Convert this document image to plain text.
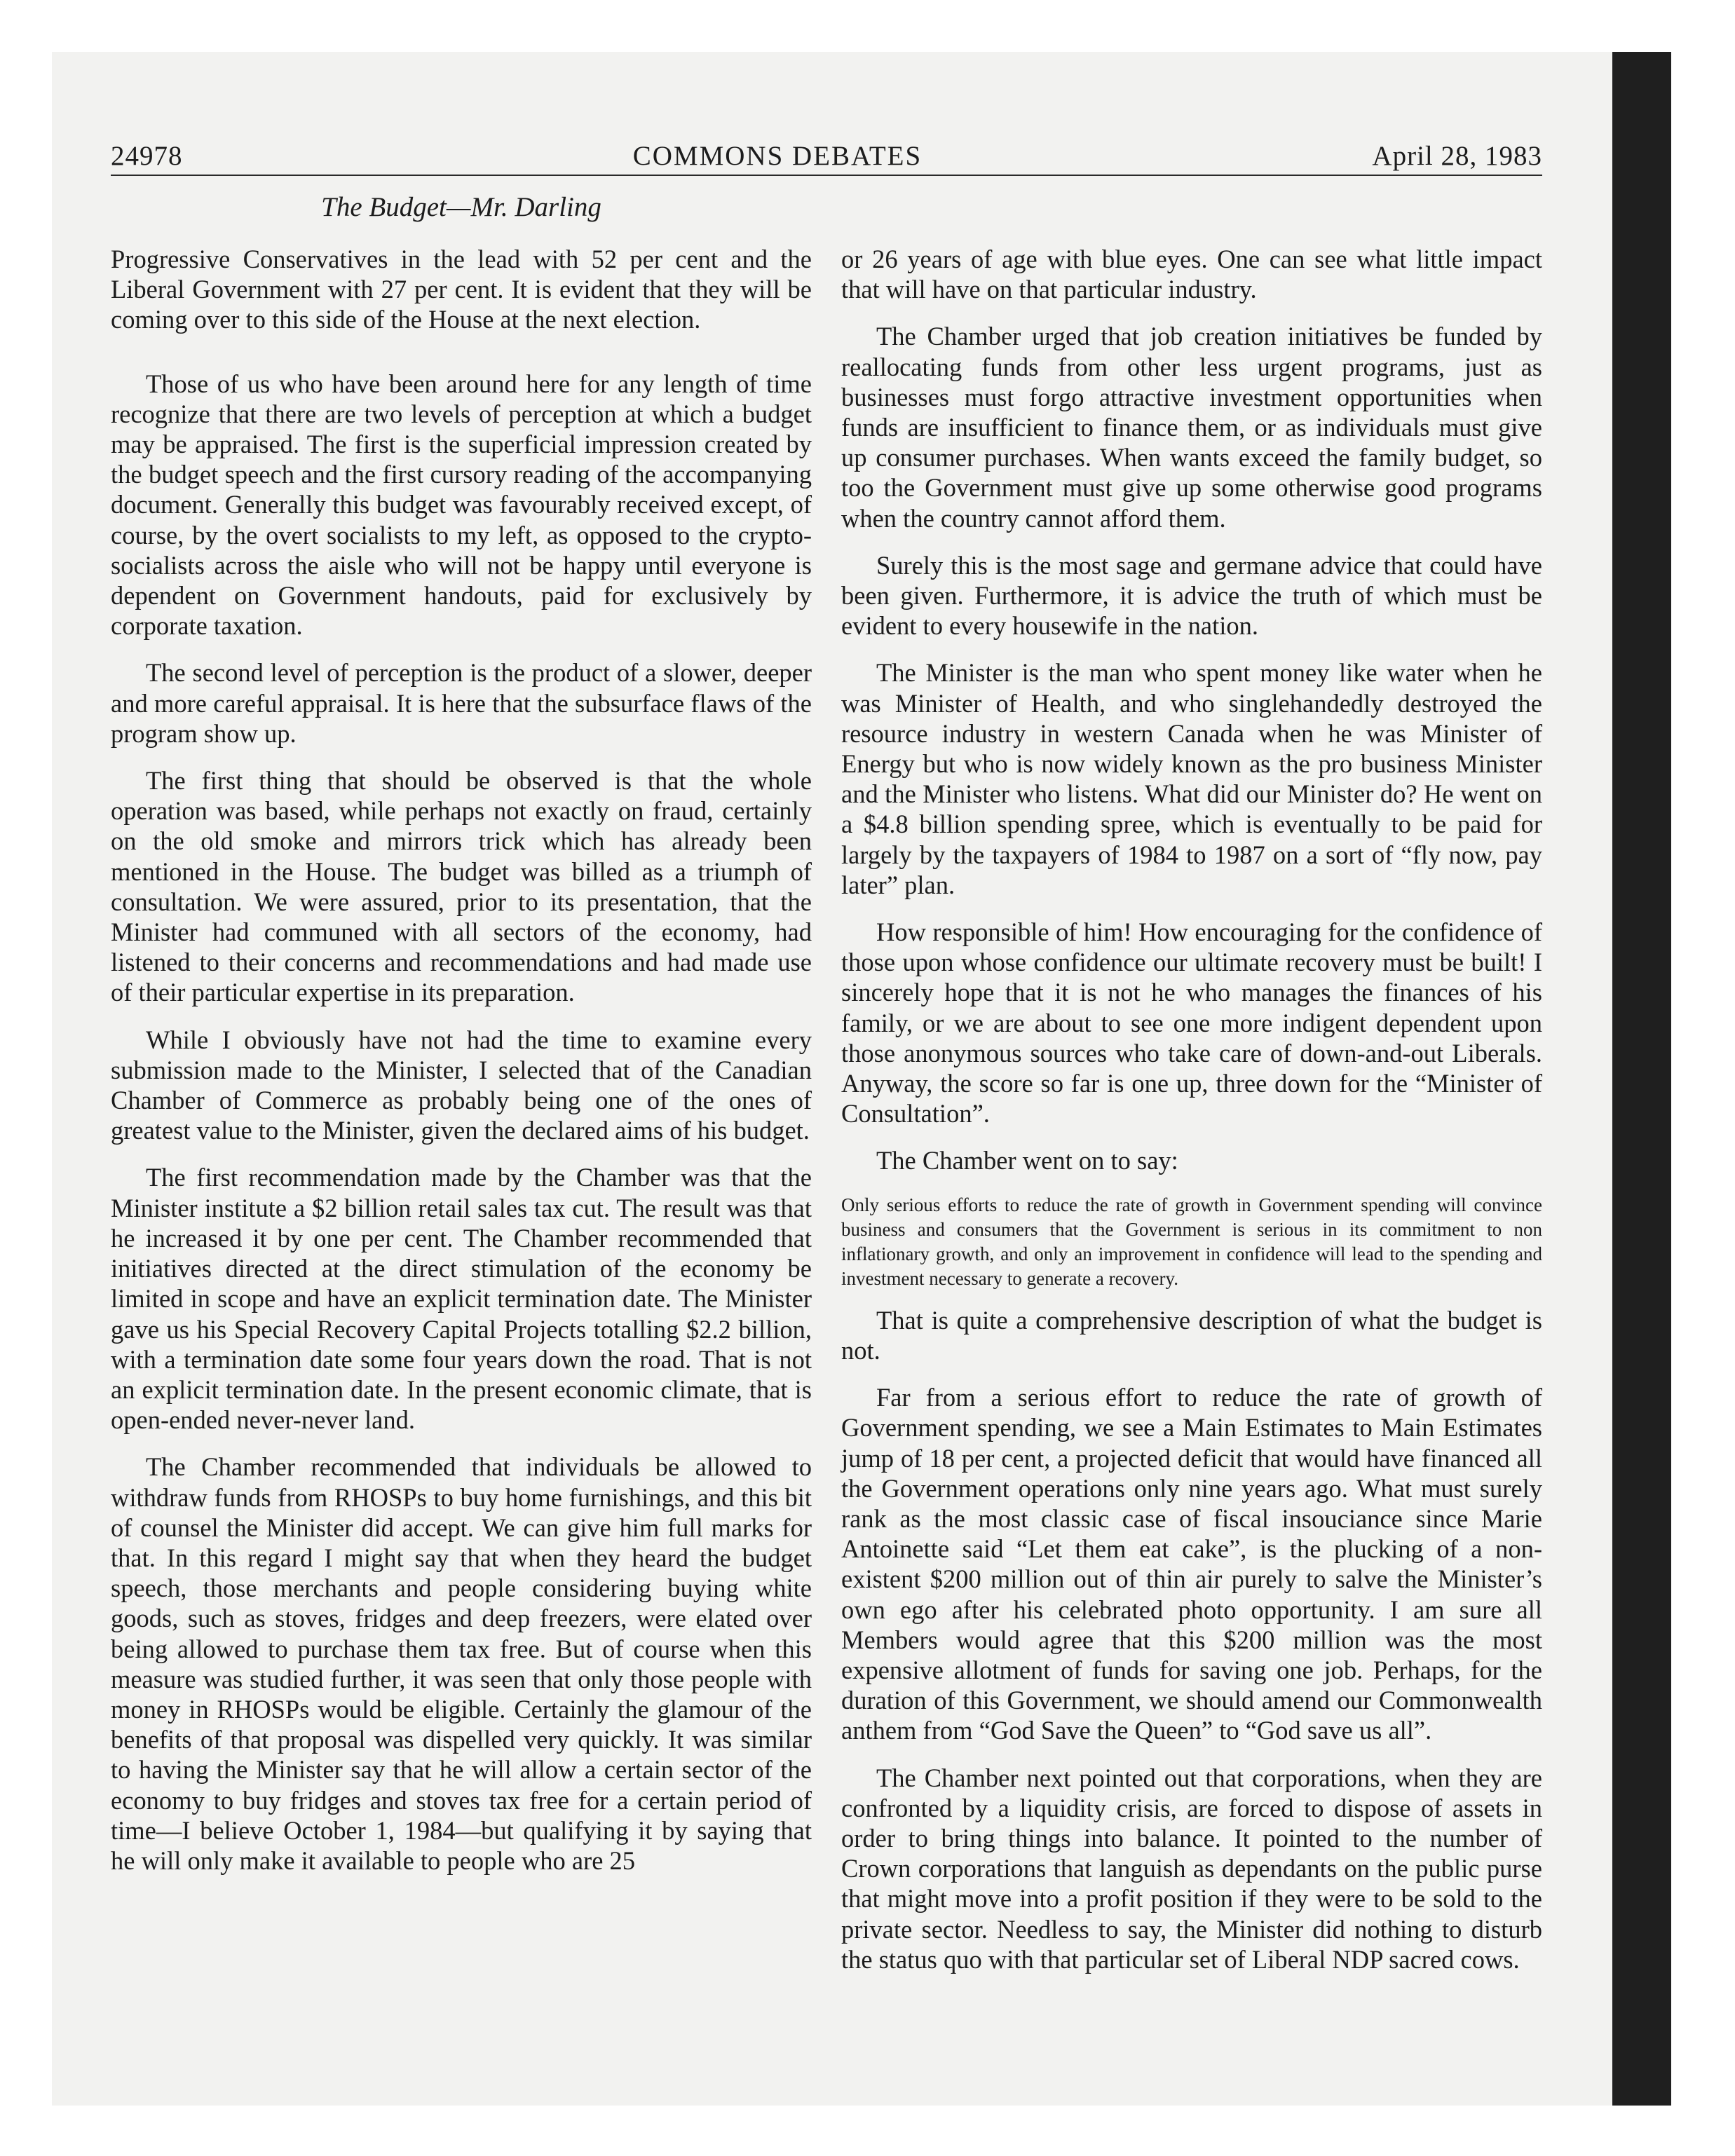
24978	COMMONS DEBATES	April 28, 1983
The Budget—Mr. Darling

Progressive Conservatives in the lead with 52 per cent and the Liberal Government with 27 per cent. It is evident that they will be coming over to this side of the House at the next election.

Those of us who have been around here for any length of time recognize that there are two levels of perception at which a budget may be appraised. The first is the superficial impression created by the budget speech and the first cursory reading of the accompanying document. Generally this budget was favourably received except, of course, by the overt socialists to my left, as opposed to the crypto-socialists across the aisle who will not be happy until everyone is dependent on Government handouts, paid for exclusively by corporate taxation.

The second level of perception is the product of a slower, deeper and more careful appraisal. It is here that the subsurface flaws of the program show up.

The first thing that should be observed is that the whole operation was based, while perhaps not exactly on fraud, certainly on the old smoke and mirrors trick which has already been mentioned in the House. The budget was billed as a triumph of consultation. We were assured, prior to its presentation, that the Minister had communed with all sectors of the economy, had listened to their concerns and recommendations and had made use of their particular expertise in its preparation.

While I obviously have not had the time to examine every submission made to the Minister, I selected that of the Canadian Chamber of Commerce as probably being one of the ones of greatest value to the Minister, given the declared aims of his budget.

The first recommendation made by the Chamber was that the Minister institute a $2 billion retail sales tax cut. The result was that he increased it by one per cent. The Chamber recommended that initiatives directed at the direct stimulation of the economy be limited in scope and have an explicit termination date. The Minister gave us his Special Recovery Capital Projects totalling $2.2 billion, with a termination date some four years down the road. That is not an explicit termination date. In the present economic climate, that is open-ended never-never land.

The Chamber recommended that individuals be allowed to withdraw funds from RHOSPs to buy home furnishings, and this bit of counsel the Minister did accept. We can give him full marks for that. In this regard I might say that when they heard the budget speech, those merchants and people considering buying white goods, such as stoves, fridges and deep freezers, were elated over being allowed to purchase them tax free. But of course when this measure was studied further, it was seen that only those people with money in RHOSPs would be eligible. Certainly the glamour of the benefits of that proposal was dispelled very quickly. It was similar to having the Minister say that he will allow a certain sector of the economy to buy fridges and stoves tax free for a certain period of time—I believe October 1, 1984—but qualifying it by saying that he will only make it available to people who are 25

or 26 years of age with blue eyes. One can see what little impact that will have on that particular industry.

The Chamber urged that job creation initiatives be funded by reallocating funds from other less urgent programs, just as businesses must forgo attractive investment opportunities when funds are insufficient to finance them, or as individuals must give up consumer purchases. When wants exceed the family budget, so too the Government must give up some otherwise good programs when the country cannot afford them.

Surely this is the most sage and germane advice that could have been given. Furthermore, it is advice the truth of which must be evident to every housewife in the nation.

The Minister is the man who spent money like water when he was Minister of Health, and who singlehandedly destroyed the resource industry in western Canada when he was Minister of Energy but who is now widely known as the pro business Minister and the Minister who listens. What did our Minister do? He went on a $4.8 billion spending spree, which is eventually to be paid for largely by the taxpayers of 1984 to 1987 on a sort of “fly now, pay later” plan.

How responsible of him! How encouraging for the confidence of those upon whose confidence our ultimate recovery must be built! I sincerely hope that it is not he who manages the finances of his family, or we are about to see one more indigent dependent upon those anonymous sources who take care of down-and-out Liberals. Anyway, the score so far is one up, three down for the “Minister of Consultation”.

The Chamber went on to say:

Only serious efforts to reduce the rate of growth in Government spending will convince business and consumers that the Government is serious in its commitment to non inflationary growth, and only an improvement in confidence will lead to the spending and investment necessary to generate a recovery.

That is quite a comprehensive description of what the budget is not.

Far from a serious effort to reduce the rate of growth of Government spending, we see a Main Estimates to Main Estimates jump of 18 per cent, a projected deficit that would have financed all the Government operations only nine years ago. What must surely rank as the most classic case of fiscal insouciance since Marie Antoinette said “Let them eat cake”, is the plucking of a non-existent $200 million out of thin air purely to salve the Minister’s own ego after his celebrated photo opportunity. I am sure all Members would agree that this $200 million was the most expensive allotment of funds for saving one job. Perhaps, for the duration of this Government, we should amend our Commonwealth anthem from “God Save the Queen” to “God save us all”.

The Chamber next pointed out that corporations, when they are confronted by a liquidity crisis, are forced to dispose of assets in order to bring things into balance. It pointed to the number of Crown corporations that languish as dependants on the public purse that might move into a profit position if they were to be sold to the private sector. Needless to say, the Minister did nothing to disturb the status quo with that particular set of Liberal NDP sacred cows.
